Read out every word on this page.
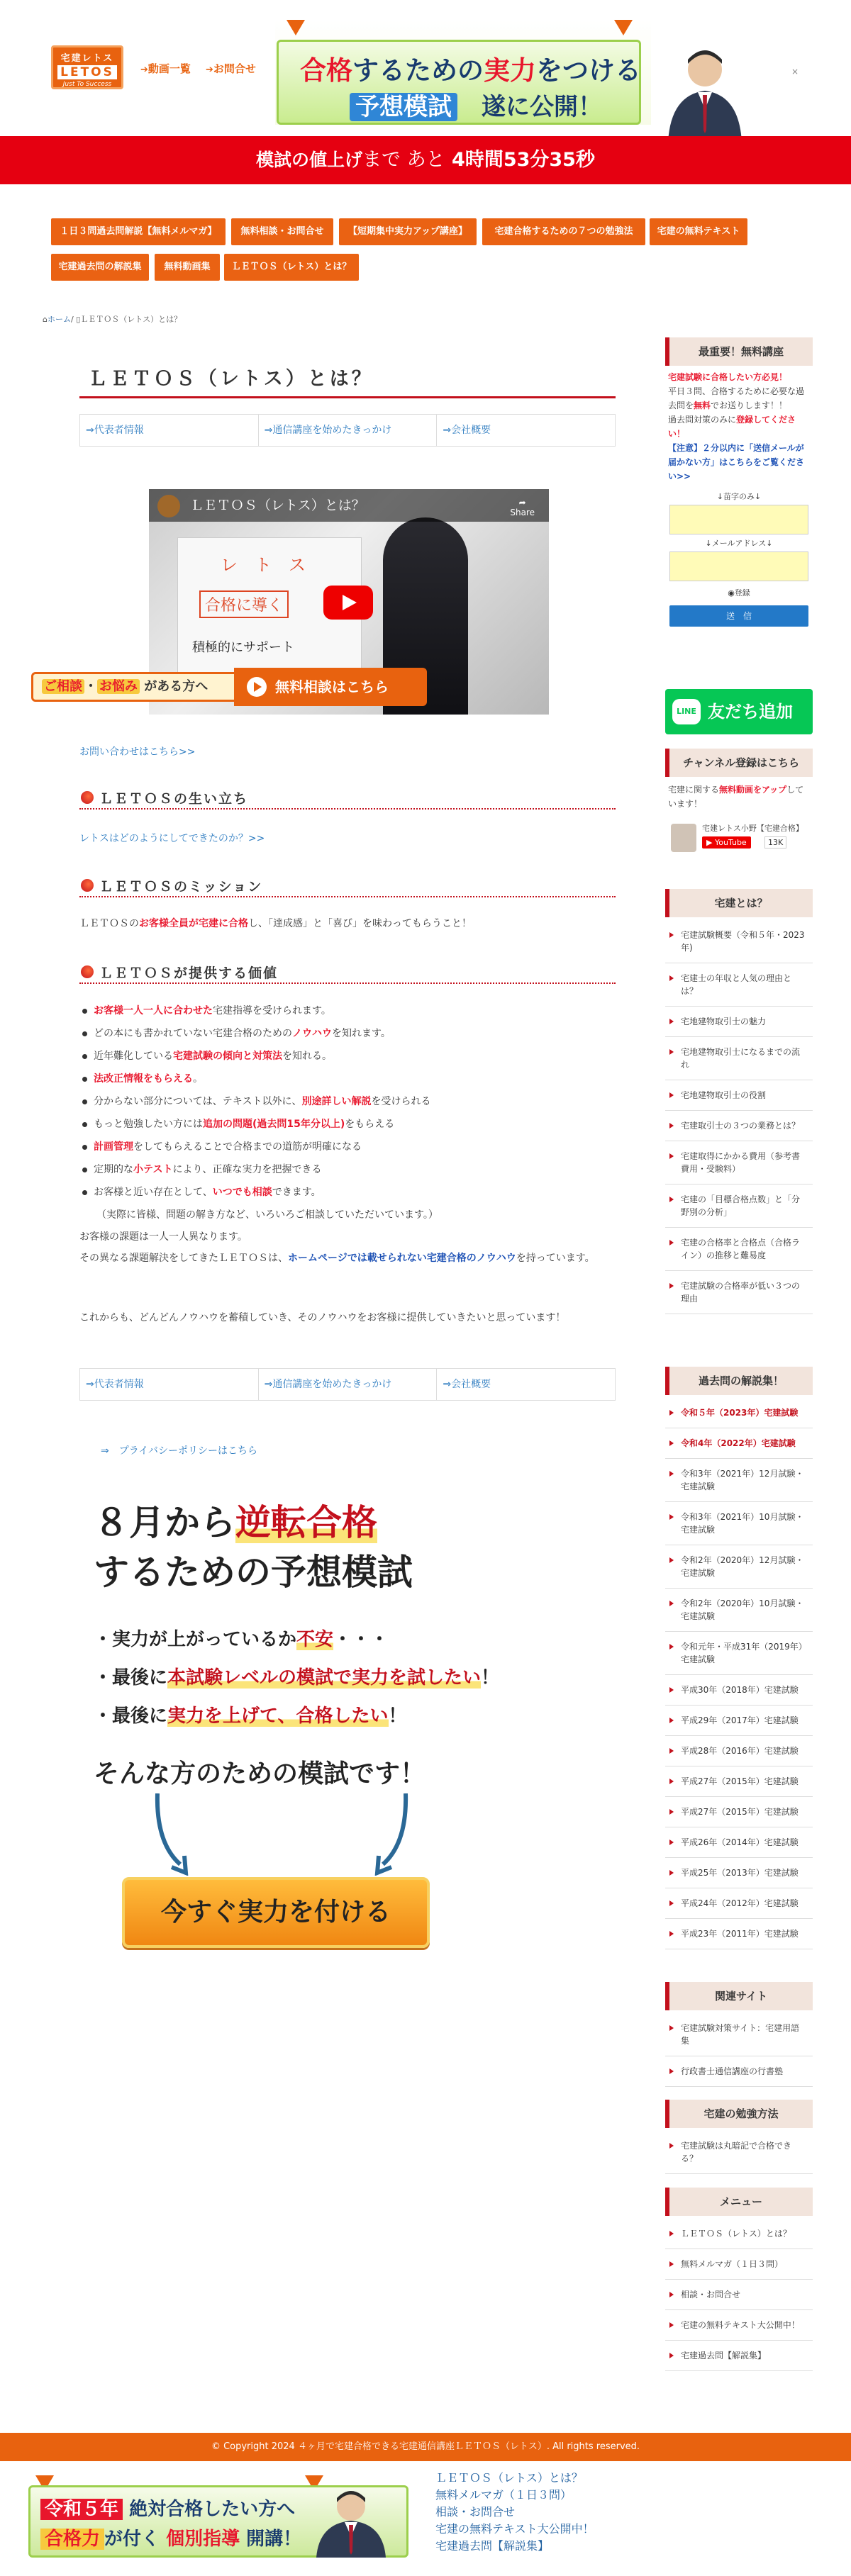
宅建レトス
LETOS
Just To Success
➔ 動画一覧
➔	お問合せ 合格するための実力をつける
予想模試　 遂に公開！
×
模試の値上げまで あと 4時間53分35秒
１日３問過去問解説【無料メルマガ】	無料相談・お問合せ	【短期集中実力アップ講座】	宅建合格するための７つの勉強法	宅建の無料テキスト
宅建過去問の解説集	無料動画集	ＬＥＴＯＳ（レトス）とは？
⌂ホーム/ ▯ＬＥＴＯＳ（レトス）とは？
ＬＥＴＯＳ（レトス）とは？
⇒代表者情報	⇒通信講座を始めたきっかけ	⇒会社概要
レ　ト　ス
合格に導く
積極的にサポート
ＬＥＴＯＳ（レトス）とは？	➦
Share
ご相談 ・ お悩み がある方へ	無料相談はこちら
お問い合わせはこちら>>
ＬＥＴＯＳの生い立ち
レトスはどのようにしてできたのか？>>
ＬＥＴＯＳのミッション

ＬＥＴＯＳのお客様全員が宅建に合格し、「達成感」と「喜び」を味わってもらうこと！

ＬＥＴＯＳが提供する価値
お客様一人一人に合わせた宅建指導を受けられます。
どの本にも書かれていない宅建合格のためのノウハウを知れます。
近年難化している宅建試験の傾向と対策法を知れる。
法改正情報をもらえる。
分からない部分については、テキスト以外に、別途詳しい解説を受けられる
もっと勉強したい方には追加の問題(過去問15年分以上)をもらえる
計画管理をしてもらえることで合格までの道筋が明確になる
定期的な小テストにより、正確な実力を把握できる
お客様と近い存在として、いつでも相談できます。
（実際に皆様、問題の解き方など、いろいろご相談していただいています。）

お客様の課題は一人一人異なります。

その異なる課題解決をしてきたＬＥＴＯＳは、ホームページでは載せられない宅建合格のノウハウを持っています。

これからも、どんどんノウハウを蓄積していき、そのノウハウをお客様に提供していきたいと思っています！

⇒代表者情報	⇒通信講座を始めたきっかけ	⇒会社概要
⇒　プライバシーポリシーはこちら
８月から逆転合格
するための予想模試
・実力が上がっているか不安・・・
・最後に本試験レベルの模試で実力を試したい！
・最後に実力を上げて、合格したい！
そんな方のための模試です！
今すぐ実力を付ける
最重要！無料講座
宅建試験に合格したい方必見！
平日３問、合格するために必要な過去問を無料でお送りします！！
過去問対策のみに登録してください！
【注意】２分以内に「送信メールが届かない方」はこちらをご覧ください>>
↓苗字のみ↓
↓メールアドレス↓
◉登録
送　信
LINE 友だち追加
チャンネル登録はこちら
宅建に関する無料動画をアップしています！
宅建レトス小野【宅建合格】
▶ YouTube	13K
宅建とは？
宅建試験概要（令和５年・2023年)
宅建士の年収と人気の理由とは？
宅地建物取引士の魅力
宅地建物取引士になるまでの流れ
宅地建物取引士の役割
宅建取引士の３つの業務とは？
宅建取得にかかる費用（参考書費用・受験料）
宅建の「目標合格点数」と「分野別の分析」
宅建の合格率と合格点（合格ライン）の推移と難易度
宅建試験の合格率が低い３つの理由
過去問の解説集！
令和５年（2023年）宅建試験
令和4年（2022年）宅建試験
令和3年（2021年）12月試験・宅建試験
令和3年（2021年）10月試験・宅建試験
令和2年（2020年）12月試験・宅建試験
令和2年（2020年）10月試験・宅建試験
令和元年・平成31年（2019年）宅建試験
平成30年（2018年）宅建試験
平成29年（2017年）宅建試験
平成28年（2016年）宅建試験
平成27年（2015年）宅建試験
平成27年（2015年）宅建試験
平成26年（2014年）宅建試験
平成25年（2013年）宅建試験
平成24年（2012年）宅建試験
平成23年（2011年）宅建試験
関連サイト
宅建試験対策サイト：宅建用語集
行政書士通信講座の行書塾
宅建の勉強方法
宅建試験は丸暗記で合格できる？
メニュー
ＬＥＴＯＳ（レトス）とは？
無料メルマガ（１日３問）
相談・お問合せ
宅建の無料テキスト大公開中！
宅建過去問【解説集】
© Copyright 2024 ４ヶ月で宅建合格できる宅建通信講座ＬＥＴＯＳ（レトス）. All rights reserved.
令和５年 絶対合格したい方へ
合格力 が付く 個別指導 開講！
ＬＥＴＯＳ（レトス）とは？
無料メルマガ（１日３問）
相談・お問合せ
宅建の無料テキスト大公開中！
宅建過去問【解説集】
